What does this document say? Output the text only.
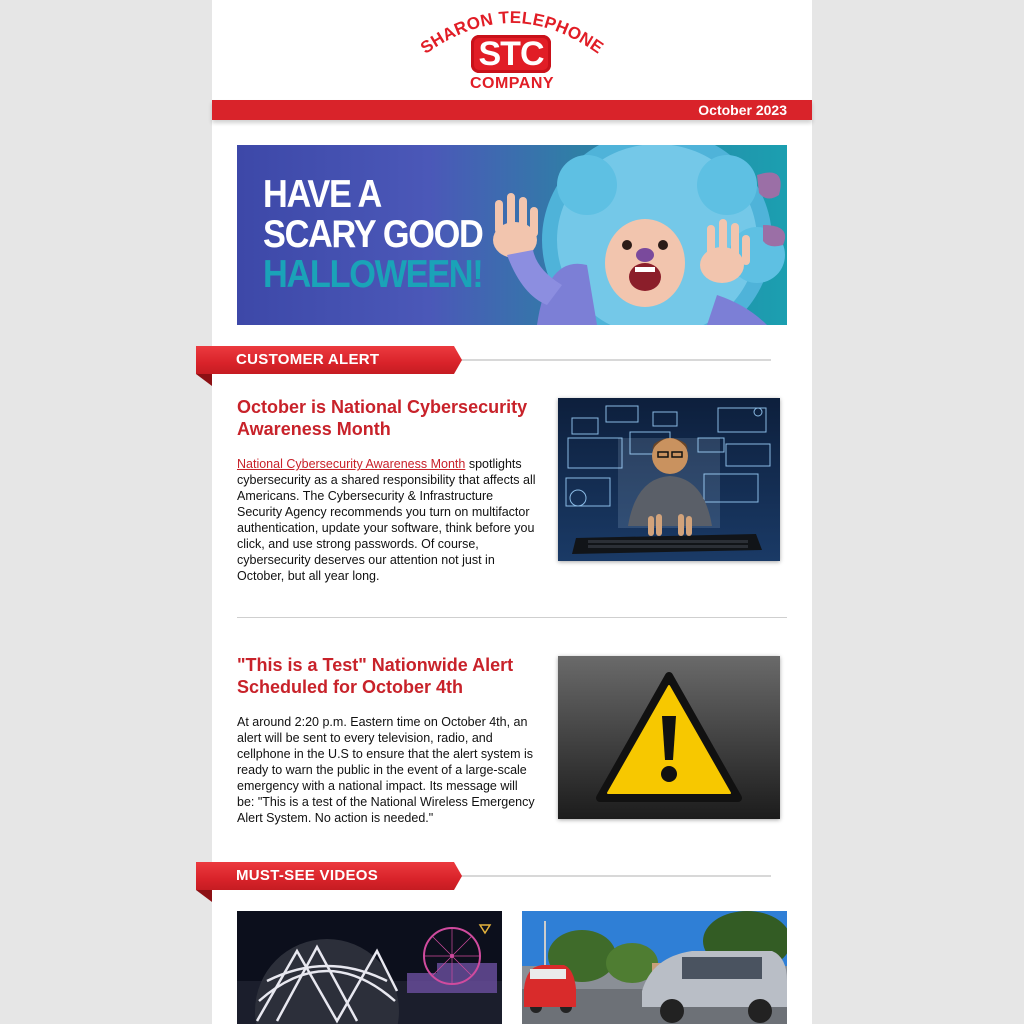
SHARON TELEPHONE
STC
COMPANY
October 2023
HAVE A
SCARY GOOD
HALLOWEEN!
CUSTOMER ALERT
October is National Cybersecurity Awareness Month
National Cybersecurity Awareness Month spotlights cybersecurity as a shared responsibility that affects all Americans. The Cybersecurity & Infrastructure Security Agency recommends you turn on multifactor authentication, update your software, think before you click, and use strong passwords. Of course, cybersecurity deserves our attention not just in October, but all year long.
"This is a Test" Nationwide Alert Scheduled for October 4th
At around 2:20 p.m. Eastern time on October 4th, an alert will be sent to every television, radio, and cellphone in the U.S to ensure that the alert system is ready to warn the public in the event of a large-scale emergency with a national impact. Its message will be: "This is a test of the National Wireless Emergency Alert System. No action is needed."
MUST-SEE VIDEOS
